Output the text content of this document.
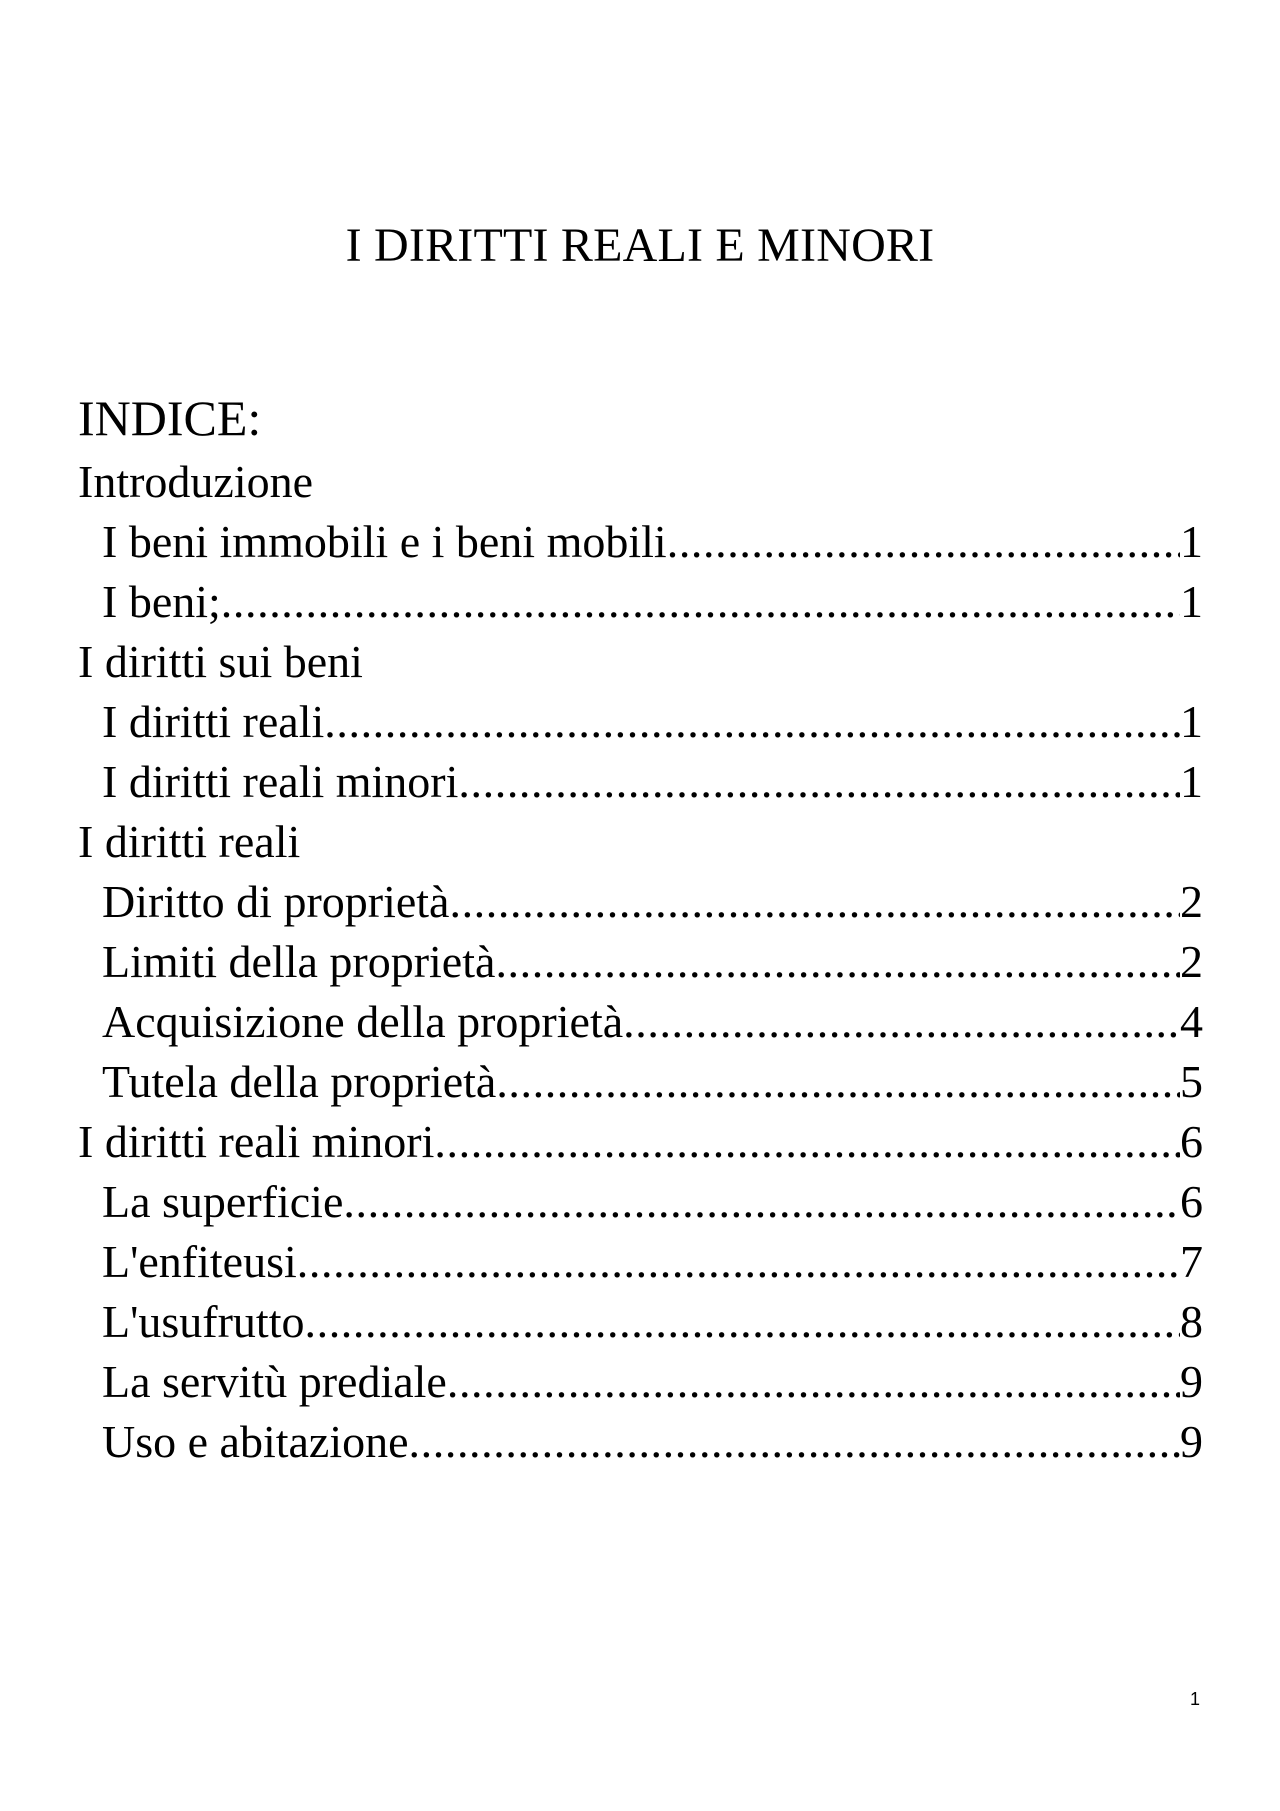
I DIRITTI REALI E MINORI
INDICE:
Introduzione
I beni immobili e i beni mobili .....	1
I beni; .....	1
I diritti sui beni
I diritti reali .....	1
I diritti reali minori .....	1
I diritti reali
Diritto di proprietà .....	2
Limiti della proprietà .....	2
Acquisizione della proprietà .....	4
Tutela della proprietà .....	5
I diritti reali minori .....	6
La superficie .....	6
L'enfiteusi .....	7
L'usufrutto .....	8
La servitù prediale .....	9
Uso e abitazione .....	9
1
